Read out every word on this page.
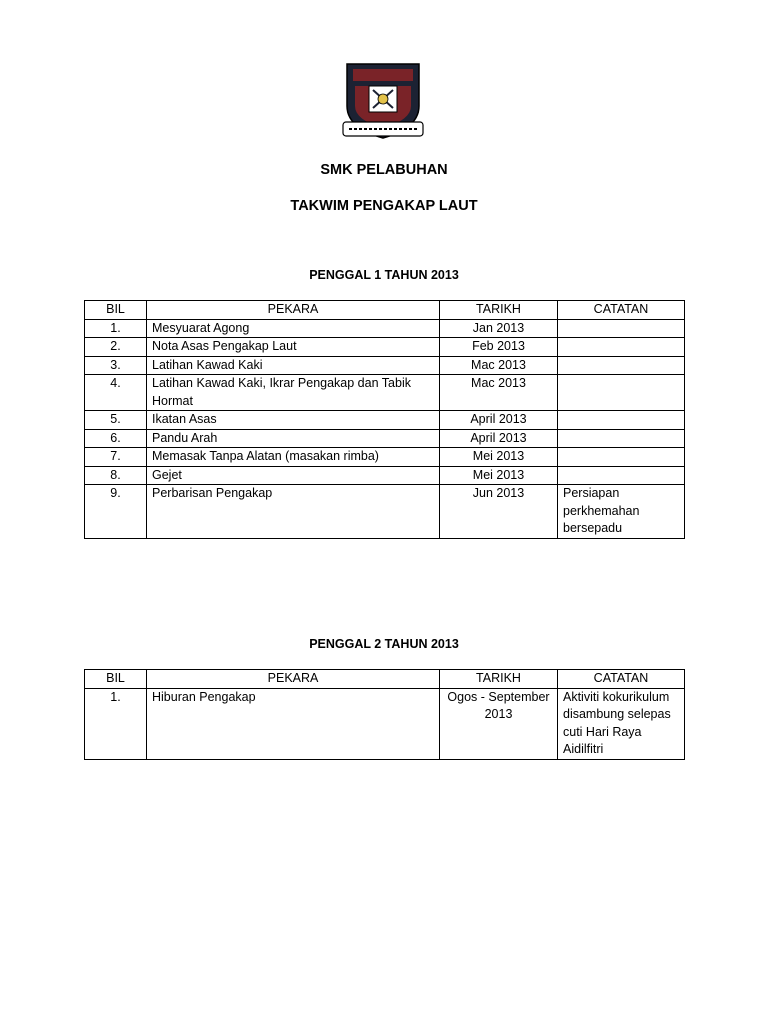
SMK PELABUHAN
TAKWIM PENGAKAP LAUT
PENGGAL 1 TAHUN 2013
BIL	PEKARA	TARIKH	CATATAN
1.	Mesyuarat Agong	Jan 2013	
2.	Nota Asas Pengakap Laut	Feb 2013	
3.	Latihan Kawad Kaki	Mac 2013	
4.	Latihan Kawad Kaki, Ikrar Pengakap dan Tabik Hormat	Mac 2013	
5.	Ikatan Asas	April 2013	
6.	Pandu Arah	April 2013	
7.	Memasak Tanpa Alatan (masakan rimba)	Mei 2013	
8.	Gejet	Mei 2013	
9.	Perbarisan Pengakap	Jun 2013	Persiapan perkhemahan bersepadu
PENGGAL 2 TAHUN 2013
BIL	PEKARA	TARIKH	CATATAN
1.	Hiburan Pengakap	Ogos - September 2013	Aktiviti kokurikulum disambung selepas cuti Hari Raya Aidilfitri
